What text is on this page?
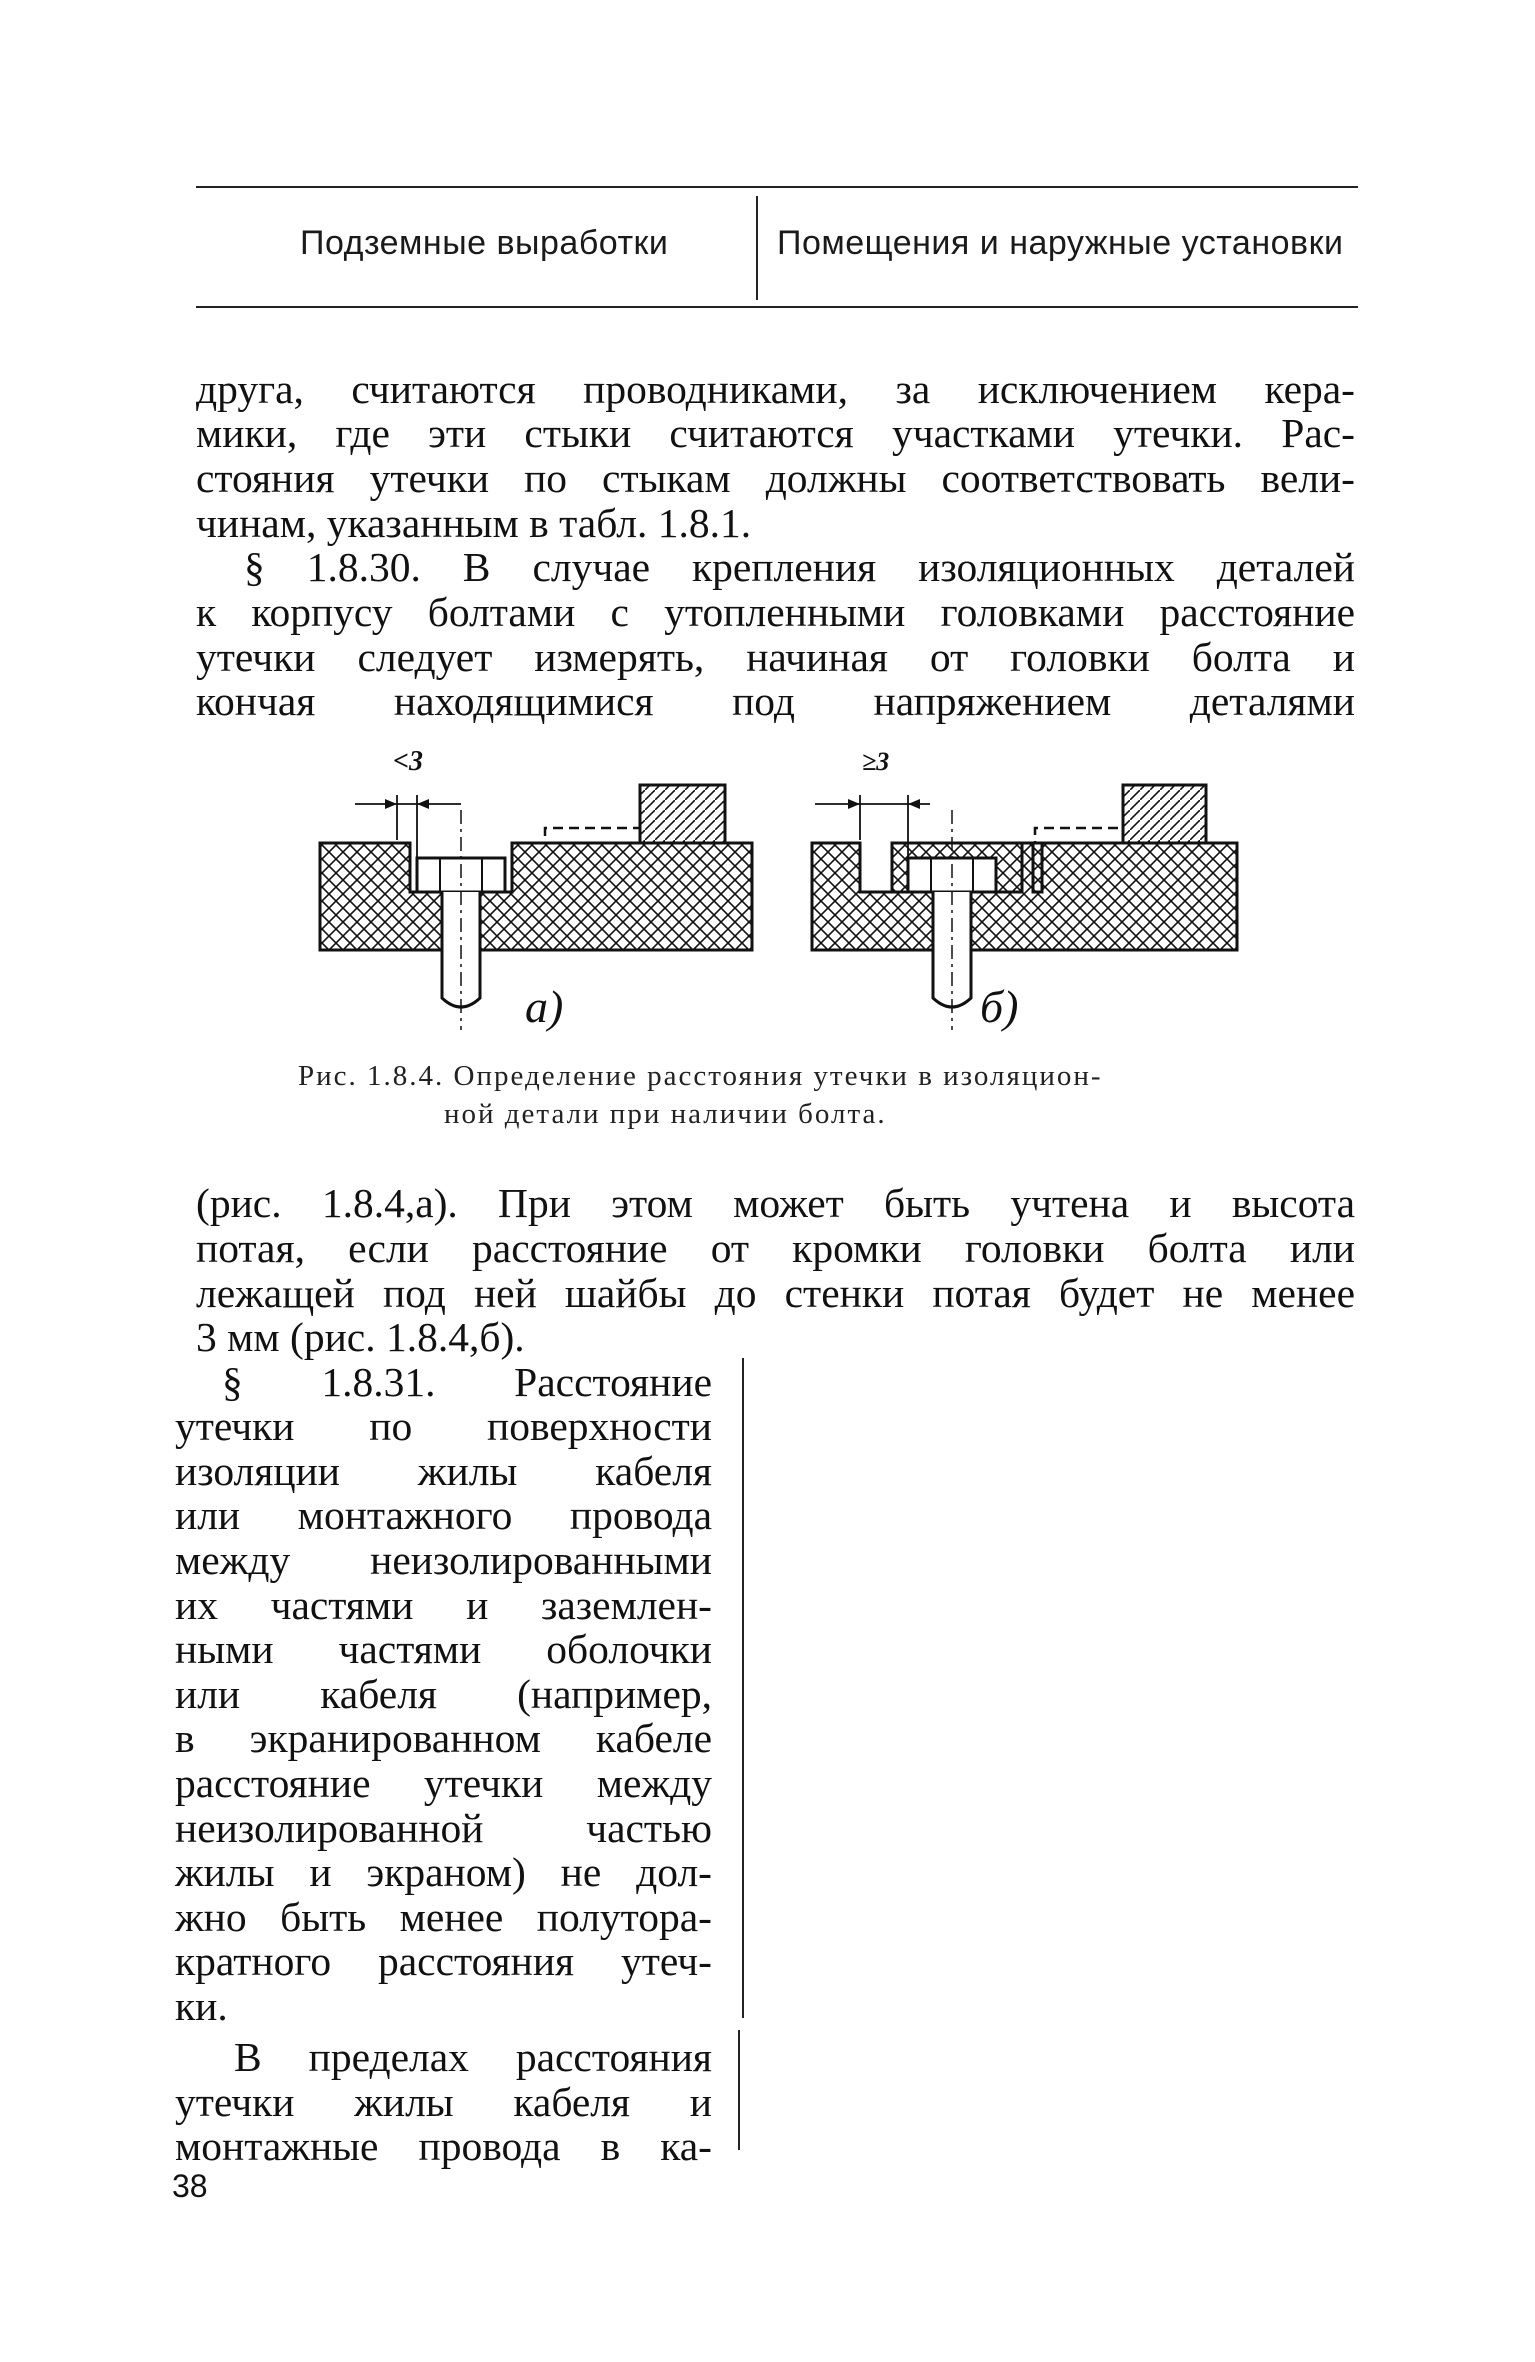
Подземные выработки	Помещения и наружные установки
друга, считаются проводниками, за исключением кера-
мики, где эти стыки считаются участками утечки. Рас-
стояния утечки по стыкам должны соответствовать вели-
чинам, указанным в табл. 1.8.1.
§ 1.8.30. В случае крепления изоляционных деталей
к корпусу болтами с утопленными головками расстояние
утечки следует измерять, начиная от головки болта и
кончая находящимися под напряжением деталями
<3
а)
≥3
б)
Рис. 1.8.4. Определение расстояния утечки в изоляцион-
ной детали при наличии болта.
(рис. 1.8.4,а). При этом может быть учтена и высота
потая, если расстояние от кромки головки болта или
лежащей под ней шайбы до стенки потая будет не менее
3 мм (рис. 1.8.4,б).
§ 1.8.31. Расстояние
утечки по поверхности
изоляции жилы кабеля
или монтажного провода
между неизолированными
их частями и заземлен-
ными частями оболочки
или кабеля (например,
в экранированном кабеле
расстояние утечки между
неизолированной частью
жилы и экраном) не дол-
жно быть менее полутора-
кратного расстояния утеч-
ки.
В пределах расстояния
утечки жилы кабеля и
монтажные провода в ка-
38
